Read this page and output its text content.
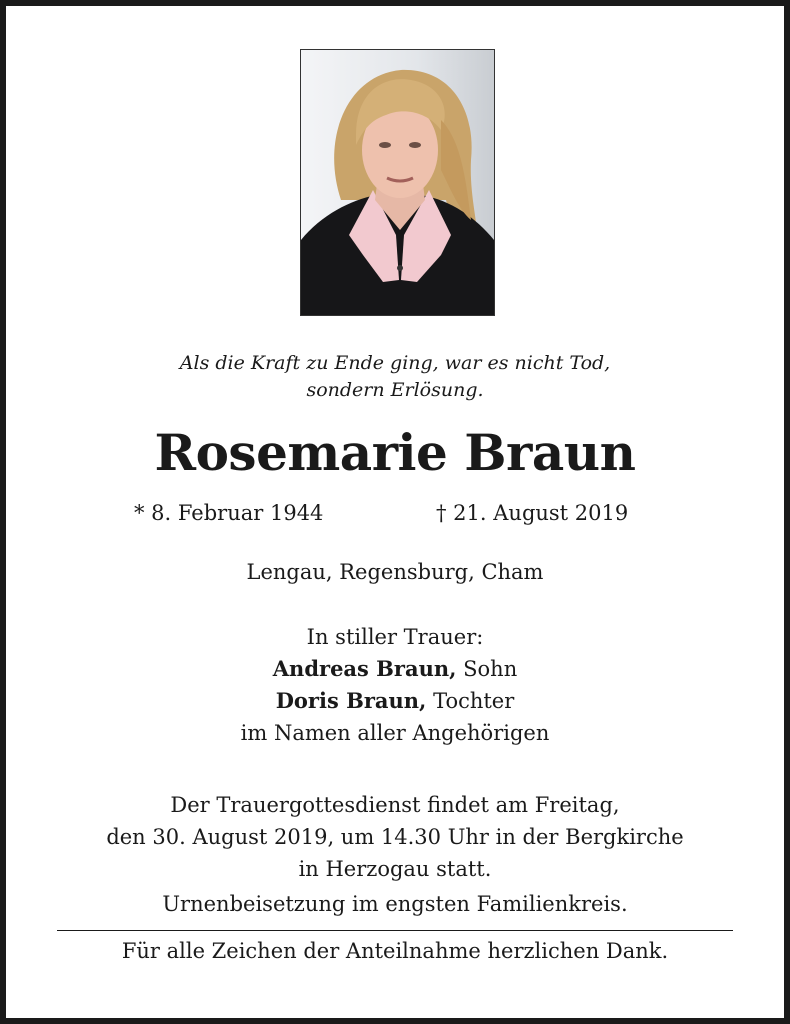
Als die Kraft zu Ende ging, war es nicht Tod,
sondern Erlösung.
Rosemarie Braun
* 8. Februar 1944	† 21. August 2019
Lengau, Regensburg, Cham
In stiller Trauer:
Andreas Braun, Sohn
Doris Braun, Tochter
im Namen aller Angehörigen
Der Trauergottesdienst findet am Freitag,
den 30. August 2019, um 14.30 Uhr in der Bergkirche
in Herzogau statt.
Urnenbeisetzung im engsten Familienkreis.
Für alle Zeichen der Anteilnahme herzlichen Dank.
